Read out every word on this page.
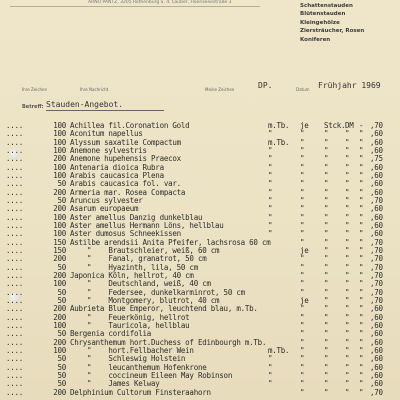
ARNO PANTZ, 3205 Rothenburg a. d. Lauber, Hoenseeestraße 3
Schattenstauden
Blütenstauden
Kleingehölze
Ziersträucher, Rosen
Koniferen
Ihre Zeichen	Ihre Nachricht	Meine Zeichen	DP.	Datum Frühjahr 1969
Betreff: Stauden-Angebot.
....	100 Achillea fil.Coronation Gold	m.Tb. je Stck. DM - ,70
....	100 Aconitum napellus	"	"	" " " ,60
....	100 Alyssum saxatile Compactum	m.Tb. "	" " " ,60
....	100 Anemone sylvestris	"	"	" " " ,60
....	200 Anemone hupehensis Praecox	"	"	" " " ,75
....	100 Antenaria dioica Rubra	"	"	" " " ,60
....	100 Arabis caucasica Plena	"	"	" " " ,60
....	50 Arabis caucasica fol. var.	"	"	" " " ,60
....	200 Armeria mar. Rosea Compacta	"	"	" " " ,60
....	50 Aruncus sylvester	"	"	" " " ,70
....	200 Asarum europaeum	"	"	" " " ,60
....	100 Aster amellus Danzig dunkelblau	"	"	" " " ,60
....	100 Aster amellus Hermann Löns, hellblau	"	"	" " " ,60
....	100 Aster dumosus Schneekissen	"	"	" " " ,60
....	150 Astilbe arendsii Anita Pfeifer, lachsrosa 60 cm	"	" " " ,70
....	150 "    Brautschleier, weiß, 60 cm	je " " " ,70
....	200 "    Fanal, granatrot, 50 cm	"	" " " ,70
....	50 "    Hyazinth, lila, 50 cm	"	" " " ,70
....	200 Japonica Köln, hellrot, 40 cm	"	" " " ,70
....	100 "    Deutschland, weiß, 40 cm	"	" " " ,70
....	50 "    Federsee, dunkelkarminrot, 50 cm	"	" " " ,70
....	50 "    Montgomery, blutrot, 40 cm	je " " " ,70
....	200 Aubrieta Blue Emperor, leuchtend blau, m.Tb.	"	" " " ,60
....	200 "    Feuerkönig, hellrot	"	" " " ,60
....	100 "    Tauricola, hellblau	"	" " " ,60
....	50 Bergenia cordifolia	"	" " " ,60
....	200 Chrysanthemum hort.Duchess of Edinbourgh m.Tb.	"	" " " ,60
....	100 "    hort.Fellbacher Wein	m.Tb. "	" " " ,60
....	50 "    Schleswig Holstein	"	"	" " " ,60
....	50 "    leucanthemum Hofenkrone	"	"	" " " ,60
....	50 "    coccineum Eileen May Robinson	"	"	" " " ,60
....	50 "    James Kelway	"	"	" " " ,60
....	200 Delphinium Cultorum Finsteraahorn	"	" " " ,70
